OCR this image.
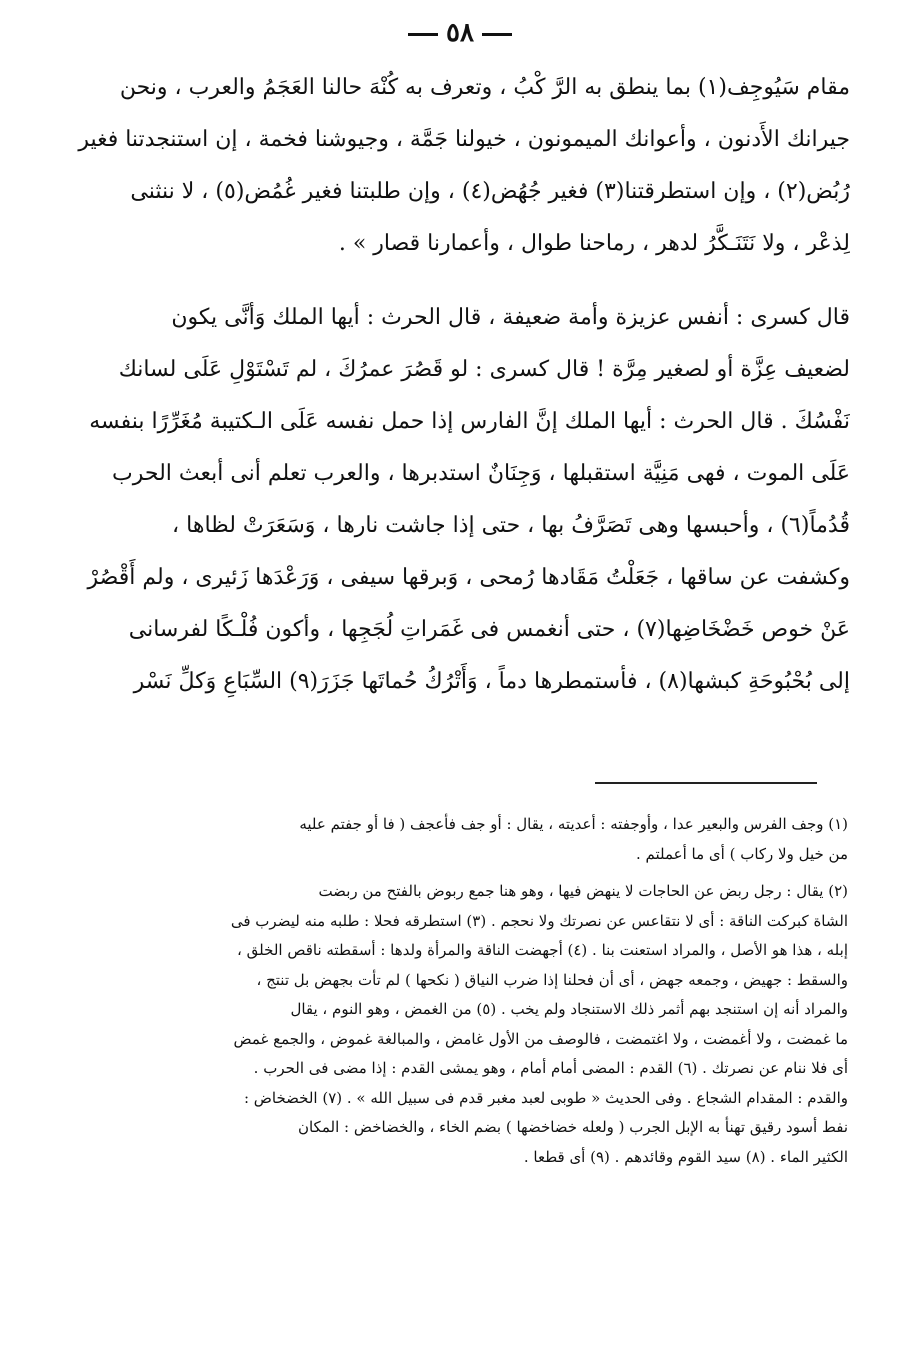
٥٨
مقام سَيُوجِف(١) بما ينطق به الرَّ كْبُ ، وتعرف به كُنْهَ حالنا العَجَمُ والعرب ، ونحن
جيرانك الأَدنون ، وأعوانك الميمونون ، خيولنا جَمَّة ، وجيوشنا فخمة ، إن استنجدتنا فغير
رُبُض(٢) ، وإن استطرقتنا(٣) فغير جُهُض(٤) ، وإن طلبتنا فغير غُمُض(٥) ، لا ننثنى
لِذعْر ، ولا نَتَنَـكَّرُ لدهر ، رماحنا طوال ، وأعمارنا قصار » .
قال كسرى : أنفس عزيزة وأمة ضعيفة ، قال الحرث : أيها الملك وَأنَّى يكون
لضعيف عِزَّة أو لصغير مِرَّة ! قال كسرى : لو قَصُرَ عمرُكَ ، لم تَسْتَوْلِ عَلَى لسانك
نَفْسُكَ . قال الحرث : أيها الملك إنَّ الفارس إذا حمل نفسه عَلَى الـكتيبة مُغَرِّرًا بنفسه
عَلَى الموت ، فهى مَنِيَّة استقبلها ، وَجِنَانٌ استدبرها ، والعرب تعلم أنى أبعث الحرب
قُدُماً(٦) ، وأحبسها وهى تَصَرَّفُ بها ، حتى إذا جاشت نارها ، وَسَعَرَتْ لظاها ،
وكشفت عن ساقها ، جَعَلْتُ مَقَادها رُمحى ، وَبرقها سيفى ، وَرَعْدَها زَئيرى ، ولم أَقْصُرْ
عَنْ خوص خَضْخَاضِها(٧) ، حتى أنغمس فى غَمَراتِ لُجَجِها ، وأكون فُلْـكًا لفرسانى
إلى بُحْبُوحَةِ كبشها(٨) ، فأستمطرها دماً ، وَأَتْرُكُ حُماتَها جَزَرَ(٩) السِّبَاعِ وَكلِّ نَسْر
(١) وجف الفرس والبعير عدا ، وأوجفته : أعديته ، يقال : أو جف فأعجف ( فا أو جفتم عليه
من خيل ولا ركاب ) أى ما أعملتم .
(٢) يقال : رجل ربض عن الحاجات لا ينهض فيها ، وهو هنا جمع ربوض بالفتح من ربضت
الشاة كبركت الناقة : أى لا نتقاعس عن نصرتك ولا نحجم . (٣) استطرقه فحلا : طلبه منه ليضرب فى
إبله ، هذا هو الأصل ، والمراد استعنت بنا . (٤) أجهضت الناقة والمرأة ولدها : أسقطته ناقص الخلق ،
والسقط : جهيض ، وجمعه جهض ، أى أن فحلنا إذا ضرب النياق ( نكحها ) لم تأت بجهض بل تنتج ،
والمراد أنه إن استنجد بهم أثمر ذلك الاستنجاد ولم يخب . (٥) من الغمض ، وهو النوم ، يقال
ما غمضت ، ولا أغمضت ، ولا اغتمضت ، فالوصف من الأول غامض ، والمبالغة غموض ، والجمع غمض
أى فلا ننام عن نصرتك . (٦) القدم : المضى أمام أمام ، وهو يمشى القدم : إذا مضى فى الحرب .
والقدم : المقدام الشجاع . وفى الحديث « طوبى لعبد مغبر قدم فى سبيل الله » . (٧) الخضخاض :
نفط أسود رقيق تهنأ به الإبل الجرب ( ولعله خضاخضها ) بضم الخاء ، والخضاخض : المكان
الكثير الماء . (٨) سيد القوم وقائدهم . (٩) أى قطعا .
